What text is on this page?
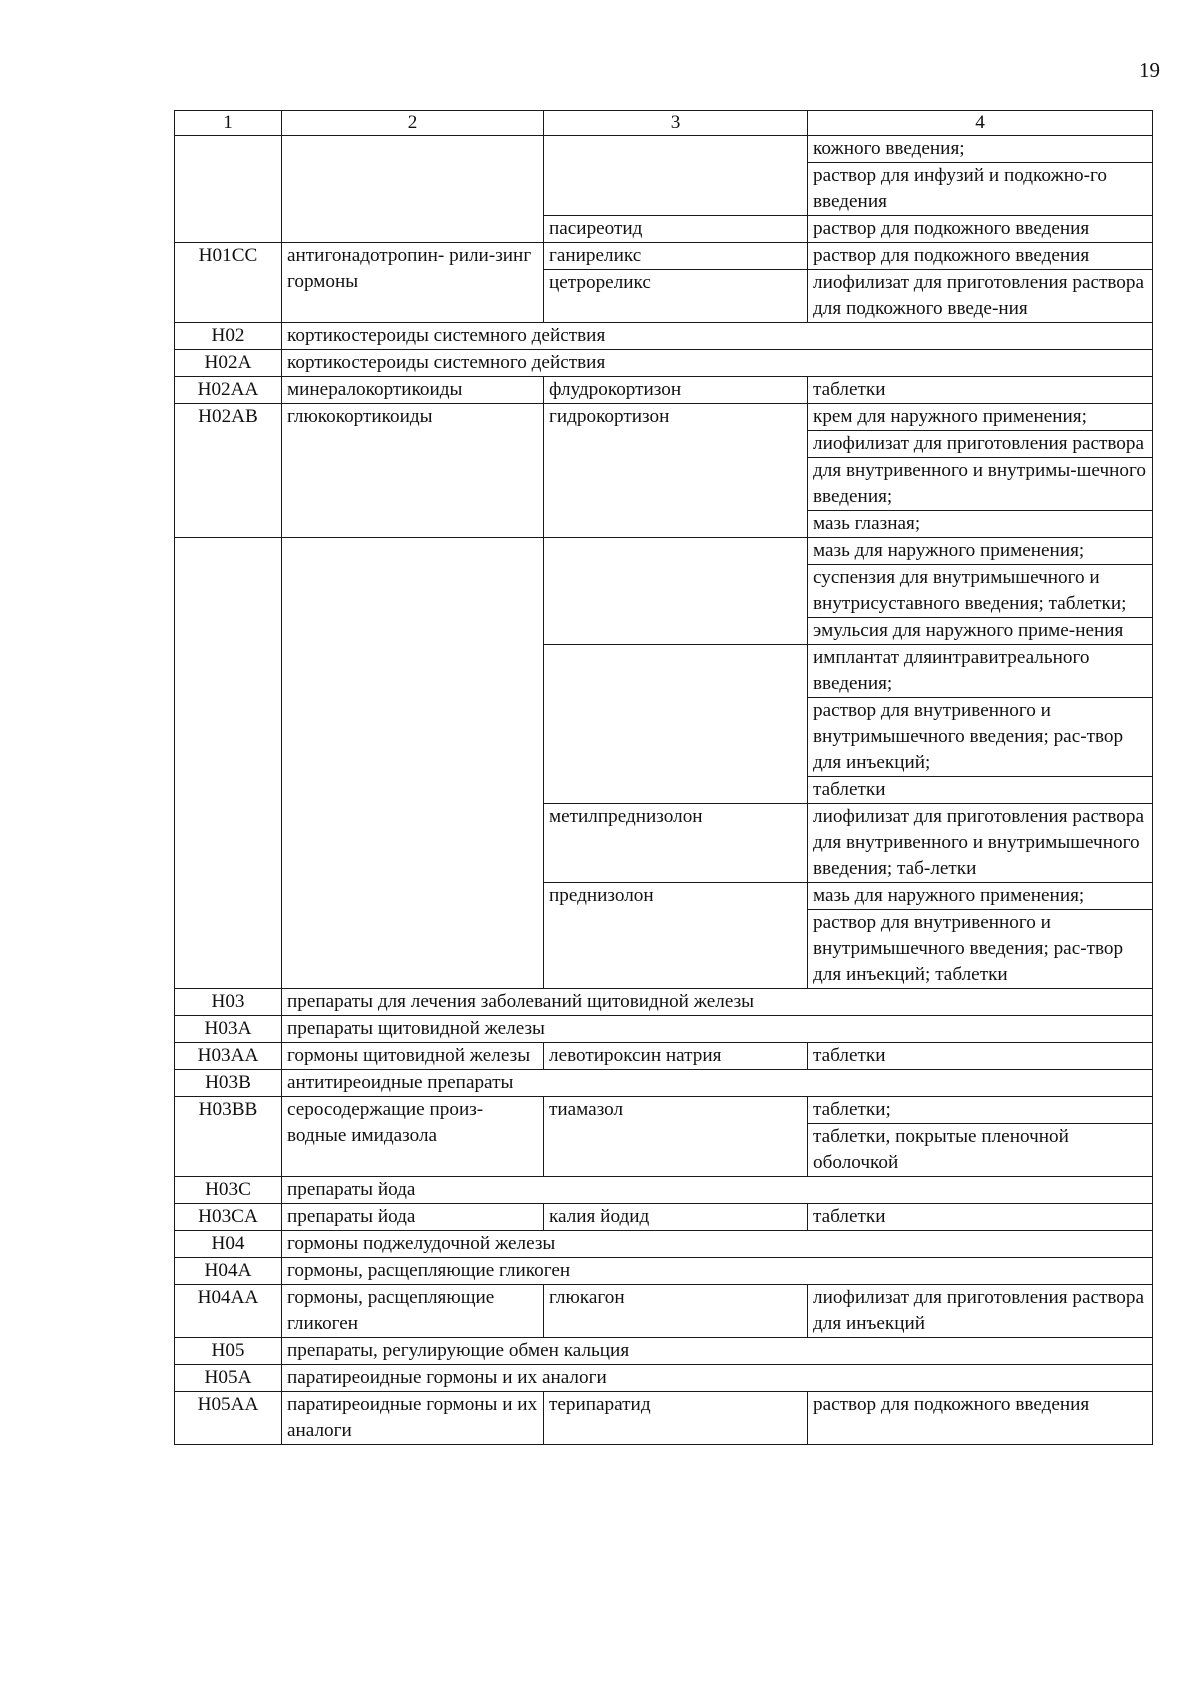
19
1	2	3	4
			кожного введения;
			раствор для инфузий и подкожно-го введения
		пасиреотид	раствор для подкожного введения
H01CC	антигонадотропин- рили-зинг гормоны	ганиреликс	раствор для подкожного введения
		цетрореликс	лиофилизат для приготовления раствора для подкожного введе-ния
H02	кортикостероиды системного действия		
H02A	кортикостероиды системного действия		
H02AA	минералокортикоиды	флудрокортизон	таблетки
H02AB	глюкокортикоиды	гидрокортизон	крем для наружного применения;
			лиофилизат для приготовления раствора
			для внутривенного и внутримы-шечного введения;
			мазь глазная;
			мазь для наружного применения;
			суспензия для внутримышечного и внутрисуставного введения; таблетки;
			эмульсия для наружного приме-нения
			имплантат дляинтравитреального введения;
			раствор для внутривенного и внутримышечного введения; рас-твор для инъекций;
			таблетки
		метилпреднизолон	лиофилизат для приготовления раствора для внутривенного и внутримышечного введения; таб-летки
		преднизолон	мазь для наружного применения;
			раствор для внутривенного и внутримышечного введения; рас-твор для инъекций; таблетки
H03	препараты для лечения заболеваний щитовидной железы		
H03A	препараты щитовидной железы		
H03AA	гормоны щитовидной железы	левотироксин натрия	таблетки
H03B	антитиреоидные препараты		
H03BB	серосодержащие произ-водные имидазола	тиамазол	таблетки;
			таблетки, покрытые пленочной оболочкой
H03C	препараты йода		
H03CA	препараты йода	калия йодид	таблетки
H04	гормоны поджелудочной железы		
H04A	гормоны, расщепляющие гликоген		
H04AA	гормоны, расщепляющие гликоген	глюкагон	лиофилизат для приготовления раствора для инъекций
H05	препараты, регулирующие обмен кальция		
H05A	паратиреоидные гормоны и их аналоги		
H05AA	паратиреоидные гормоны и их аналоги	терипаратид	раствор для подкожного введения
